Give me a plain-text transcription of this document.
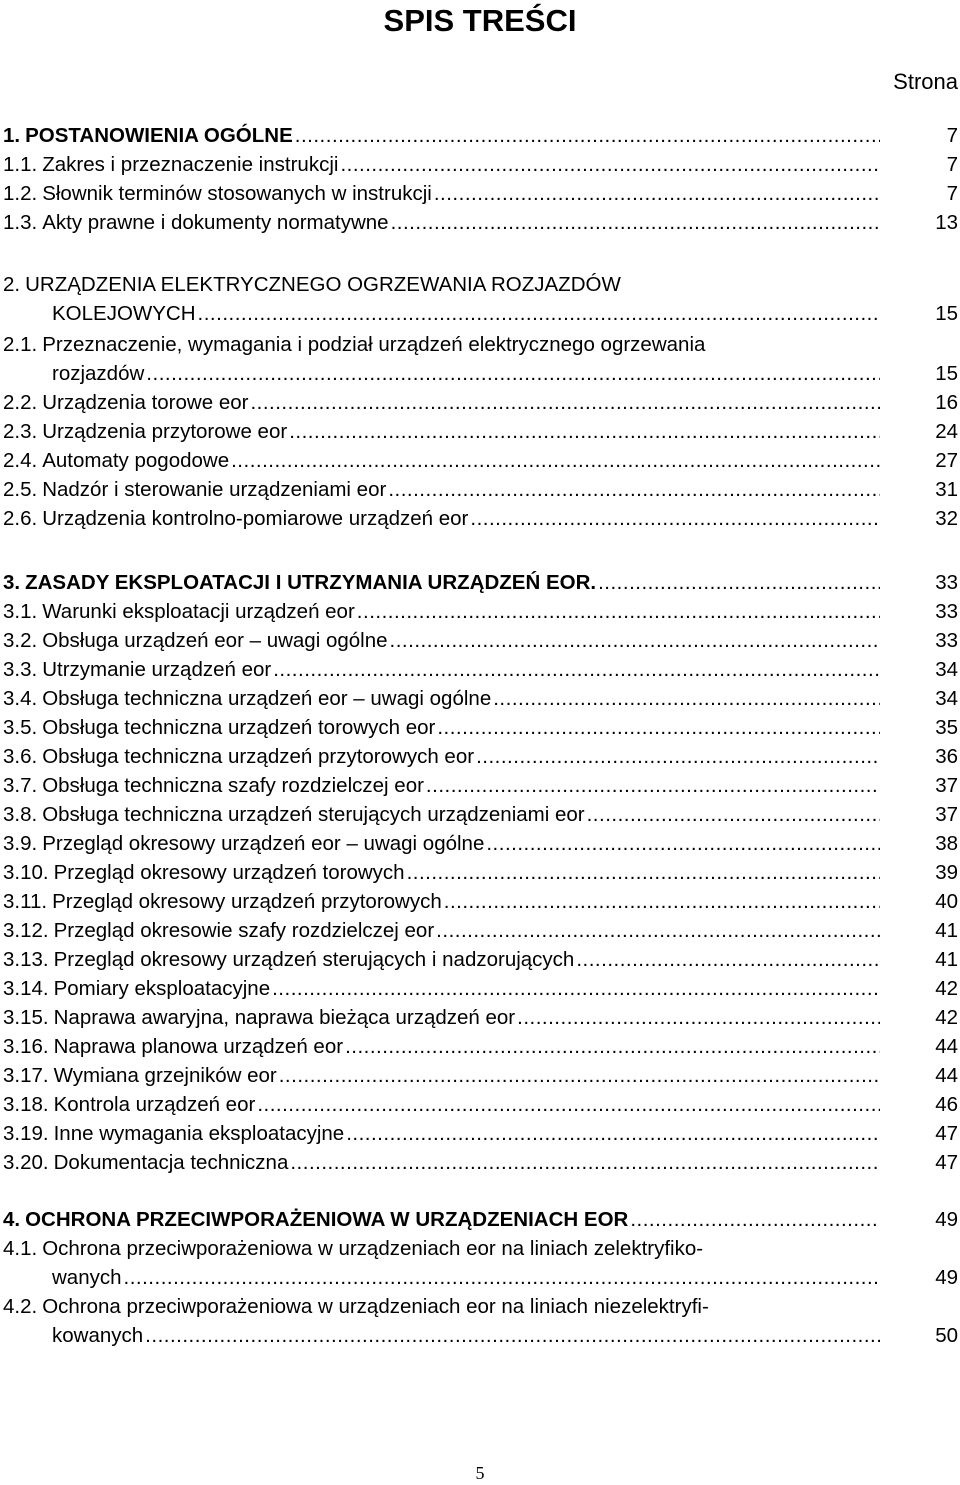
SPIS TREŚCI
Strona
1. POSTANOWIENIA OGÓLNE .....	7
1.1. Zakres i przeznaczenie instrukcji .....	7
1.2. Słownik terminów stosowanych w instrukcji .....	7
1.3. Akty prawne i dokumenty normatywne .....	13
2. URZĄDZENIA ELEKTRYCZNEGO OGRZEWANIA ROZJAZDÓW
KOLEJOWYCH .....	15
2.1. Przeznaczenie, wymagania i podział urządzeń elektrycznego ogrzewania
rozjazdów .....	15
2.2. Urządzenia torowe eor .....	16
2.3. Urządzenia przytorowe eor .....	24
2.4. Automaty pogodowe .....	27
2.5. Nadzór i sterowanie urządzeniami eor .....	31
2.6. Urządzenia kontrolno-pomiarowe urządzeń eor .....	32
3. ZASADY EKSPLOATACJI I UTRZYMANIA URZĄDZEŃ EOR. .....	33
3.1. Warunki eksploatacji urządzeń eor .....	33
3.2. Obsługa urządzeń eor – uwagi ogólne .....	33
3.3. Utrzymanie urządzeń eor .....	34
3.4. Obsługa techniczna urządzeń eor – uwagi ogólne .....	34
3.5. Obsługa techniczna urządzeń torowych eor .....	35
3.6. Obsługa techniczna urządzeń przytorowych eor .....	36
3.7. Obsługa techniczna szafy rozdzielczej eor .....	37
3.8. Obsługa techniczna urządzeń sterujących urządzeniami eor .....	37
3.9. Przegląd okresowy urządzeń eor – uwagi ogólne .....	38
3.10. Przegląd okresowy urządzeń torowych .....	39
3.11. Przegląd okresowy urządzeń przytorowych .....	40
3.12. Przegląd okresowie szafy rozdzielczej eor .....	41
3.13. Przegląd okresowy urządzeń sterujących i nadzorujących .....	41
3.14. Pomiary eksploatacyjne .....	42
3.15. Naprawa awaryjna, naprawa bieżąca urządzeń eor .....	42
3.16. Naprawa planowa urządzeń eor .....	44
3.17. Wymiana grzejników eor .....	44
3.18. Kontrola urządzeń eor .....	46
3.19. Inne wymagania eksploatacyjne .....	47
3.20. Dokumentacja techniczna .....	47
4. OCHRONA PRZECIWPORAŻENIOWA W URZĄDZENIACH EOR .....	49
4.1. Ochrona przeciwporażeniowa w urządzeniach eor na liniach zelektryfiko-
wanych .....	49
4.2. Ochrona przeciwporażeniowa w urządzeniach eor na liniach niezelektryfi-
kowanych .....	50
5
